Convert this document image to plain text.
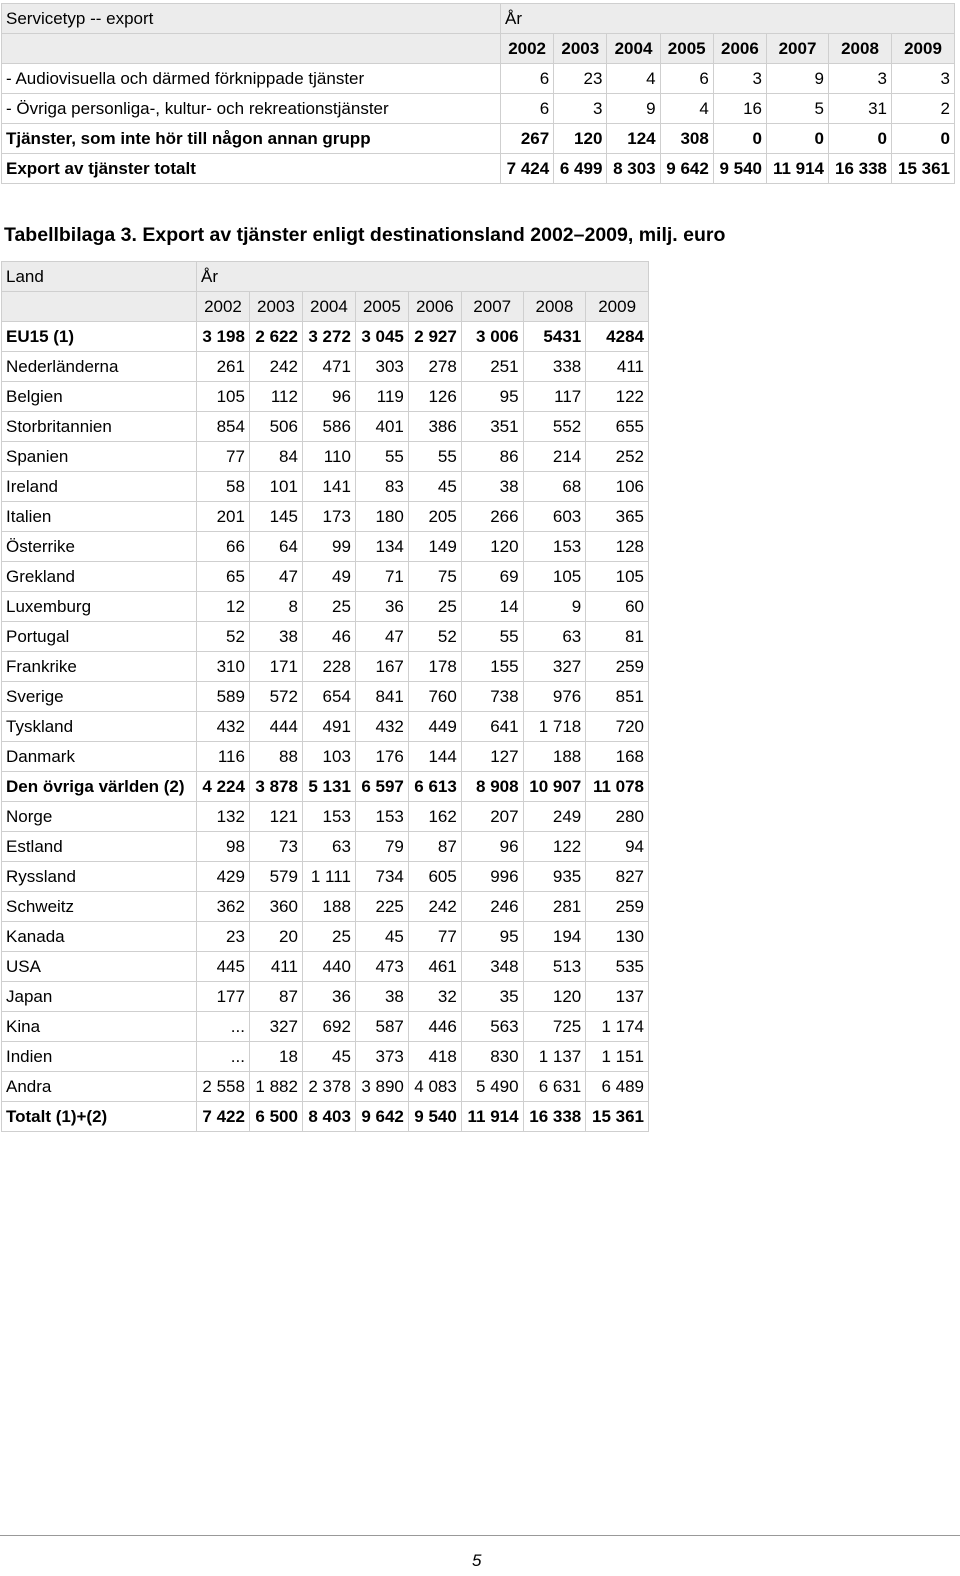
Servicetyp -- export	År							
	2002	2003	2004	2005	2006	2007	2008	2009
- Audiovisuella och därmed förknippade tjänster	6	23	4	6	3	9	3	3
- Övriga personliga-, kultur- och rekreationstjänster	6	3	9	4	16	5	31	2
Tjänster, som inte hör till någon annan grupp	267	120	124	308	0	0	0	0
Export av tjänster totalt	7 424	6 499	8 303	9 642	9 540	11 914	16 338	15 361
Tabellbilaga 3. Export av tjänster enligt destinationsland 2002–2009, milj. euro
Land	År							
	2002	2003	2004	2005	2006	2007	2008	2009
EU15 (1)	3 198	2 622	3 272	3 045	2 927	3 006	5431	4284
Nederländerna	261	242	471	303	278	251	338	411
Belgien	105	112	96	119	126	95	117	122
Storbritannien	854	506	586	401	386	351	552	655
Spanien	77	84	110	55	55	86	214	252
Ireland	58	101	141	83	45	38	68	106
Italien	201	145	173	180	205	266	603	365
Österrike	66	64	99	134	149	120	153	128
Grekland	65	47	49	71	75	69	105	105
Luxemburg	12	8	25	36	25	14	9	60
Portugal	52	38	46	47	52	55	63	81
Frankrike	310	171	228	167	178	155	327	259
Sverige	589	572	654	841	760	738	976	851
Tyskland	432	444	491	432	449	641	1 718	720
Danmark	116	88	103	176	144	127	188	168
Den övriga världen (2)	4 224	3 878	5 131	6 597	6 613	8 908	10 907	11 078
Norge	132	121	153	153	162	207	249	280
Estland	98	73	63	79	87	96	122	94
Ryssland	429	579	1 111	734	605	996	935	827
Schweitz	362	360	188	225	242	246	281	259
Kanada	23	20	25	45	77	95	194	130
USA	445	411	440	473	461	348	513	535
Japan	177	87	36	38	32	35	120	137
Kina	...	327	692	587	446	563	725	1 174
Indien	...	18	45	373	418	830	1 137	1 151
Andra	2 558	1 882	2 378	3 890	4 083	5 490	6 631	6 489
Totalt (1)+(2)	7 422	6 500	8 403	9 642	9 540	11 914	16 338	15 361
5
